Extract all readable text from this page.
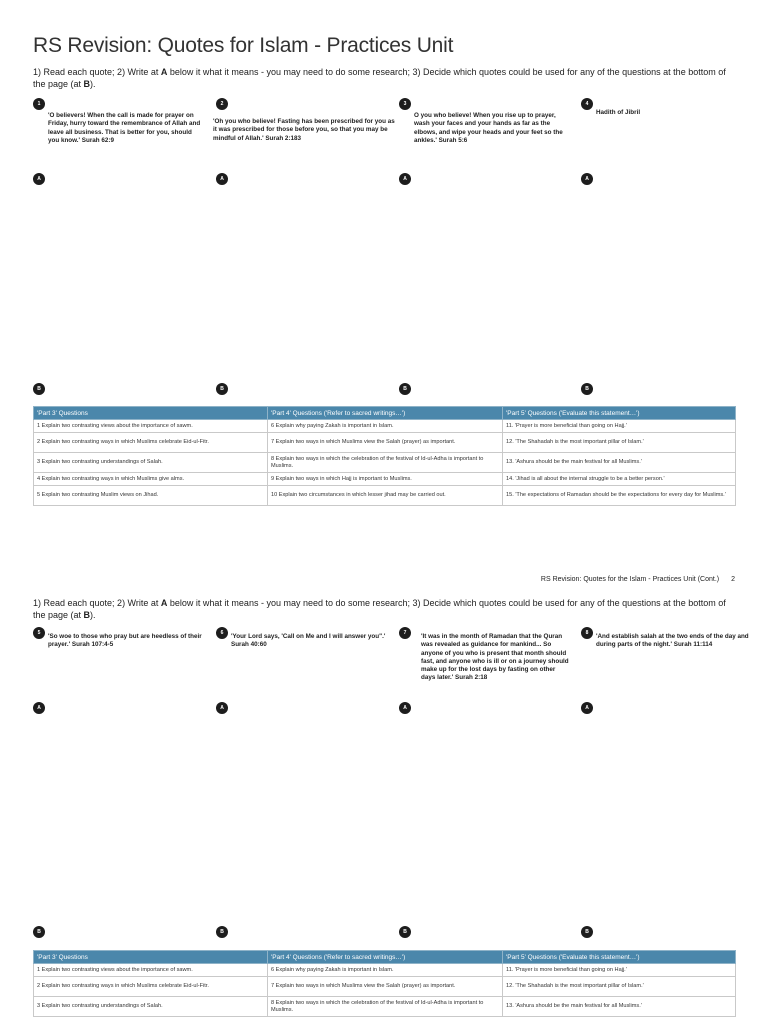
RS Revision: Quotes for Islam - Practices Unit

1) Read each quote; 2) Write at A below it what it means - you may need to do some research; 3) Decide which quotes could be used for any of the questions at the bottom of the page (at B).

1
'O believers! When the call is made for prayer on Friday, hurry toward the remembrance of Allah and leave all business. That is better for you, should you know.' Surah 62:9
2
'Oh you who believe! Fasting has been prescribed for you as it was prescribed for those before you, so that you may be mindful of Allah.' Surah 2:183
3
O you who believe! When you rise up to prayer, wash your faces and your hands as far as the elbows, and wipe your heads and your feet so the ankles.' Surah 5:6
4
Hadith of Jibril
A	A	A	A
B	B	B	B
'Part 3' Questions	'Part 4' Questions ('Refer to sacred writings…')	'Part 5' Questions ('Evaluate this statement…')
1 Explain two contrasting views about the importance of sawm.	6 Explain why paying Zakah is important in Islam.	11. 'Prayer is more beneficial than going on Hajj.'
2 Explain two contrasting ways in which Muslims celebrate Eid-ul-Fitr.	7 Explain two ways in which Muslims view the Salah (prayer) as important.	12. 'The Shahadah is the most important pillar of Islam.'
3 Explain two contrasting understandings of Salah.	8 Explain two ways in which the celebration of the festival of Id-ul-Adha is important to Muslims.	13. 'Ashura should be the main festival for all Muslims.'
4 Explain two contrasting ways in which Muslims give alms.	9 Explain two ways in which Hajj is important to Muslims.	14. 'Jihad is all about the internal struggle to be a better person.'
5 Explain two contrasting Muslim views on Jihad.	10 Explain two circumstances in which lesser jihad may be carried out.	15. 'The expectations of Ramadan should be the expectations for every day for Muslims.'
RS Revision: Quotes for the Islam - Practices Unit (Cont.) 2

1) Read each quote; 2) Write at A below it what it means - you may need to do some research; 3) Decide which quotes could be used for any of the questions at the bottom of the page (at B).

5	'So woe to those who pray but are heedless of their prayer.' Surah 107:4-5
6	'Your Lord says, 'Call on Me and I will answer you".' Surah 40:60
7	'It was in the month of Ramadan that the Quran was revealed as guidance for mankind... So anyone of you who is present that month should fast, and anyone who is ill or on a journey should make up for the lost days by fasting on other days later.' Surah 2:18
8	'And establish salah at the two ends of the day and during parts of the night.' Surah 11:114
A	A	A	A
B	B	B	B
'Part 3' Questions	'Part 4' Questions ('Refer to sacred writings…')	'Part 5' Questions ('Evaluate this statement…')
1 Explain two contrasting views about the importance of sawm.	6 Explain why paying Zakah is important in Islam.	11. 'Prayer is more beneficial than going on Hajj.'
2 Explain two contrasting ways in which Muslims celebrate Eid-ul-Fitr.	7 Explain two ways in which Muslims view the Salah (prayer) as important.	12. 'The Shahadah is the most important pillar of Islam.'
3 Explain two contrasting understandings of Salah.	8 Explain two ways in which the celebration of the festival of Id-ul-Adha is important to Muslims.	13. 'Ashura should be the main festival for all Muslims.'
